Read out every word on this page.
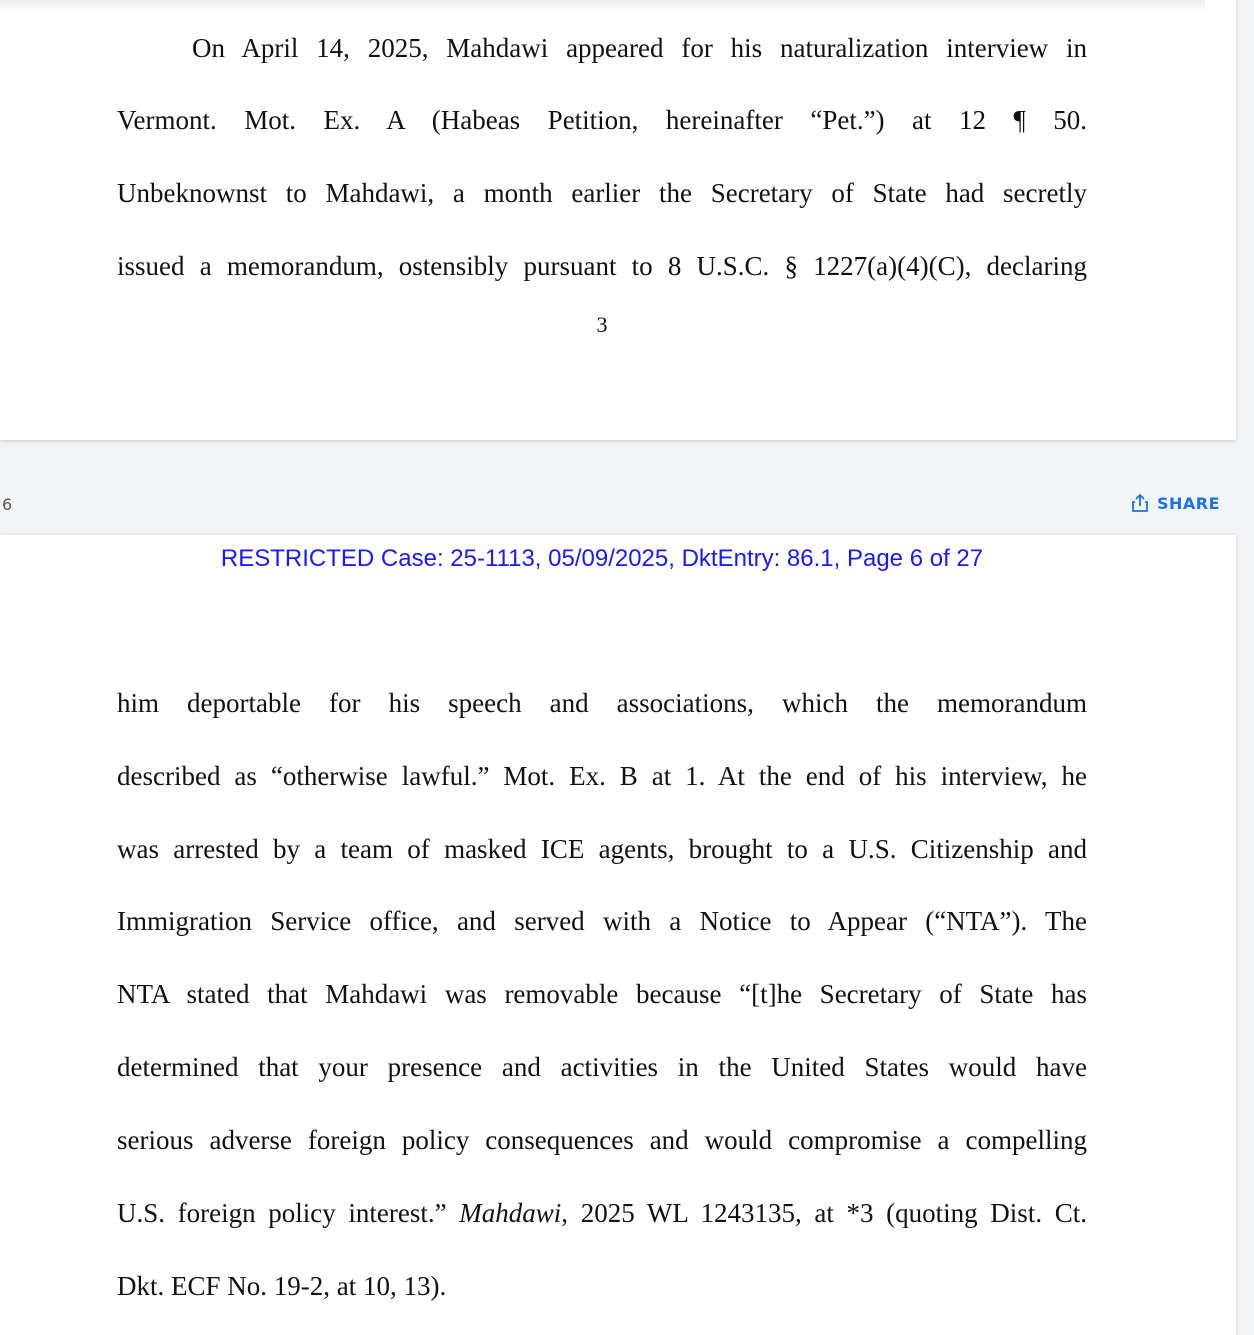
On April 14, 2025, Mahdawi appeared for his naturalization interview in
Vermont. Mot. Ex. A (Habeas Petition, hereinafter “Pet.”) at 12 ¶ 50.
Unbeknownst to Mahdawi, a month earlier the Secretary of State had secretly
issued a memorandum, ostensibly pursuant to 8 U.S.C. § 1227(a)(4)(C), declaring
3
6	SHARE
RESTRICTED Case: 25-1113, 05/09/2025, DktEntry: 86.1, Page 6 of 27
him deportable for his speech and associations, which the memorandum
described as “otherwise lawful.” Mot. Ex. B at 1. At the end of his interview, he
was arrested by a team of masked ICE agents, brought to a U.S. Citizenship and
Immigration Service office, and served with a Notice to Appear (“NTA”). The
NTA stated that Mahdawi was removable because “[t]he Secretary of State has
determined that your presence and activities in the United States would have
serious adverse foreign policy consequences and would compromise a compelling
U.S. foreign policy interest.” Mahdawi, 2025 WL 1243135, at *3 (quoting Dist. Ct.
Dkt. ECF No. 19-2, at 10, 13).
